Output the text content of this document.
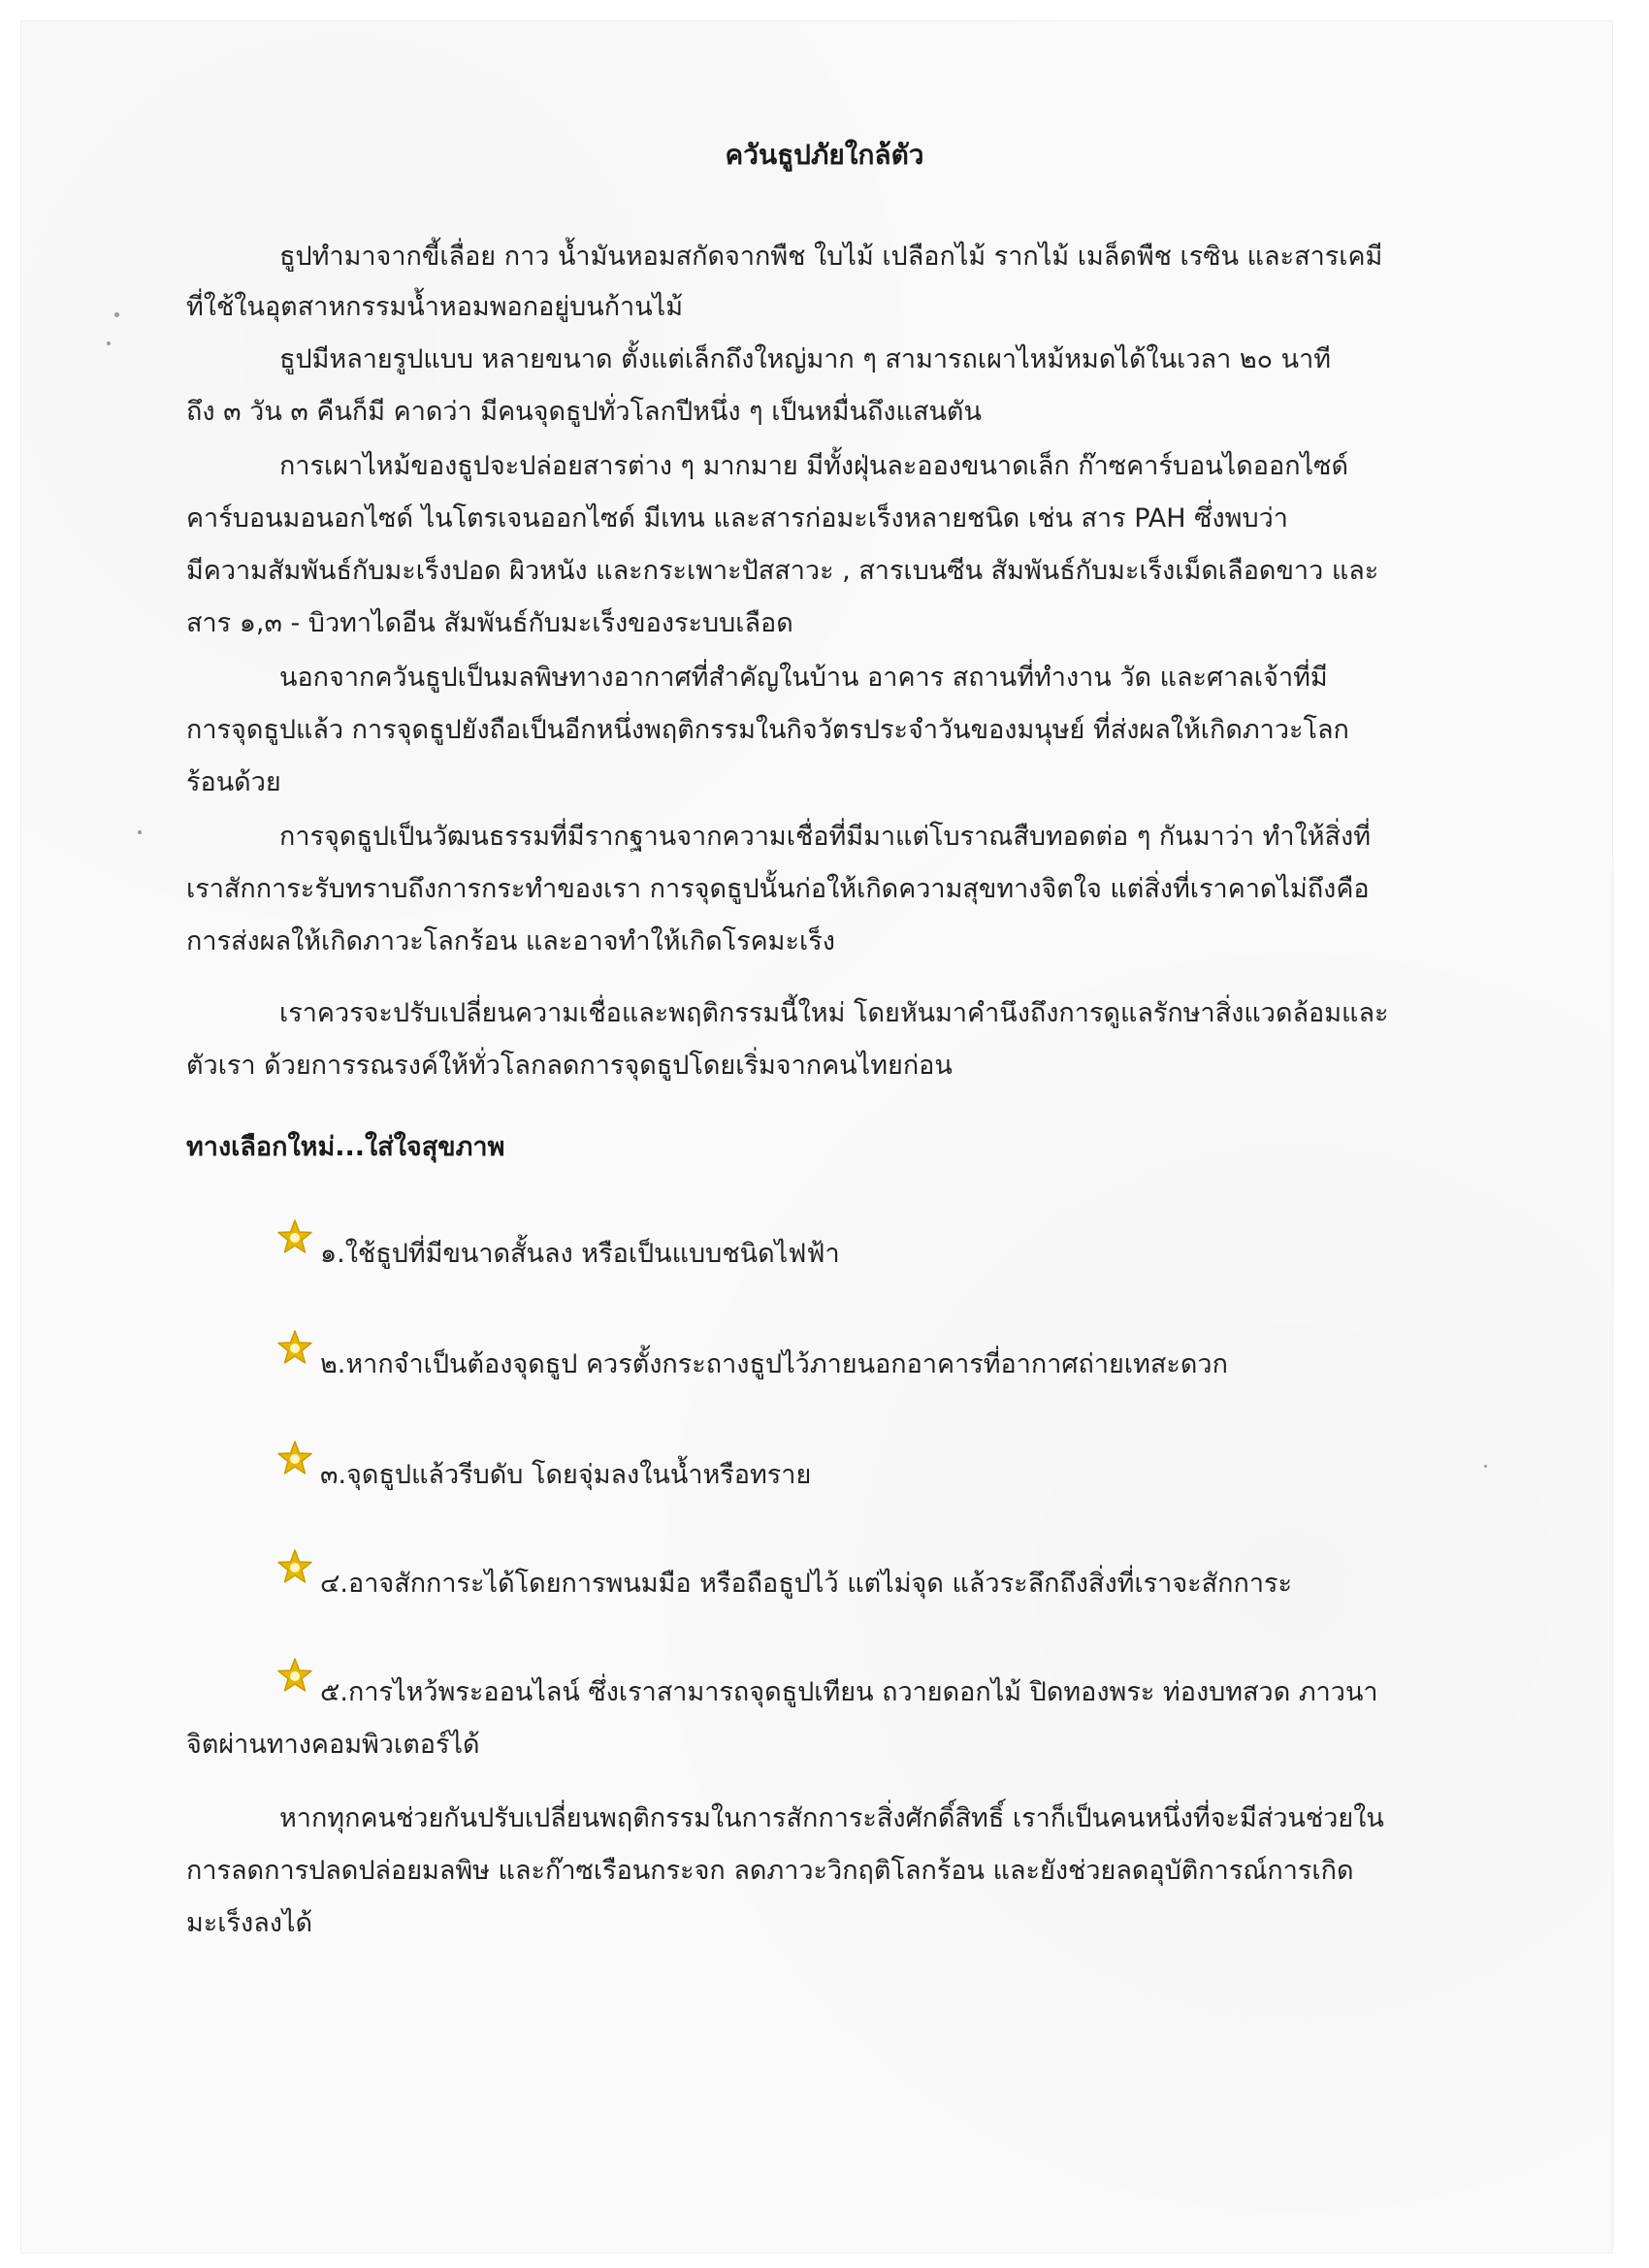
ควันธูปภัยใกล้ตัว

ธูปทำมาจากขี้เลื่อย กาว น้ำมันหอมสกัดจากพืช ใบไม้ เปลือกไม้ รากไม้ เมล็ดพืช เรซิน และสารเคมี

ที่ใช้ในอุตสาหกรรมน้ำหอมพอกอยู่บนก้านไม้

ธูปมีหลายรูปแบบ หลายขนาด ตั้งแต่เล็กถึงใหญ่มาก ๆ สามารถเผาไหม้หมดได้ในเวลา ๒๐ นาที

ถึง ๓ วัน ๓ คืนก็มี คาดว่า มีคนจุดธูปทั่วโลกปีหนึ่ง ๆ เป็นหมื่นถึงแสนตัน

การเผาไหม้ของธูปจะปล่อยสารต่าง ๆ มากมาย มีทั้งฝุ่นละอองขนาดเล็ก ก๊าซคาร์บอนไดออกไซด์

คาร์บอนมอนอกไซด์ ไนโตรเจนออกไซด์ มีเทน และสารก่อมะเร็งหลายชนิด เช่น สาร PAH ซึ่งพบว่า

มีความสัมพันธ์กับมะเร็งปอด ผิวหนัง และกระเพาะปัสสาวะ , สารเบนซีน สัมพันธ์กับมะเร็งเม็ดเลือดขาว และ

สาร ๑,๓ - บิวทาไดอีน สัมพันธ์กับมะเร็งของระบบเลือด

นอกจากควันธูปเป็นมลพิษทางอากาศที่สำคัญในบ้าน อาคาร สถานที่ทำงาน วัด และศาลเจ้าที่มี

การจุดธูปแล้ว การจุดธูปยังถือเป็นอีกหนึ่งพฤติกรรมในกิจวัตรประจำวันของมนุษย์ ที่ส่งผลให้เกิดภาวะโลก

ร้อนด้วย

การจุดธูปเป็นวัฒนธรรมที่มีรากฐานจากความเชื่อที่มีมาแต่โบราณสืบทอดต่อ ๆ กันมาว่า ทำให้สิ่งที่

เราสักการะรับทราบถึงการกระทำของเรา การจุดธูปนั้นก่อให้เกิดความสุขทางจิตใจ แต่สิ่งที่เราคาดไม่ถึงคือ

การส่งผลให้เกิดภาวะโลกร้อน และอาจทำให้เกิดโรคมะเร็ง

เราควรจะปรับเปลี่ยนความเชื่อและพฤติกรรมนี้ใหม่ โดยหันมาคำนึงถึงการดูแลรักษาสิ่งแวดล้อมและ

ตัวเรา ด้วยการรณรงค์ให้ทั่วโลกลดการจุดธูปโดยเริ่มจากคนไทยก่อน

ทางเลือกใหม่...ใส่ใจสุขภาพ

๑.ใช้ธูปที่มีขนาดสั้นลง หรือเป็นแบบชนิดไฟฟ้า

๒.หากจำเป็นต้องจุดธูป ควรตั้งกระถางธูปไว้ภายนอกอาคารที่อากาศถ่ายเทสะดวก

๓.จุดธูปแล้วรีบดับ โดยจุ่มลงในน้ำหรือทราย

๔.อาจสักการะได้โดยการพนมมือ หรือถือธูปไว้ แต่ไม่จุด แล้วระลึกถึงสิ่งที่เราจะสักการะ

๕.การไหว้พระออนไลน์ ซึ่งเราสามารถจุดธูปเทียน ถวายดอกไม้ ปิดทองพระ ท่องบทสวด ภาวนา

จิตผ่านทางคอมพิวเตอร์ได้

หากทุกคนช่วยกันปรับเปลี่ยนพฤติกรรมในการสักการะสิ่งศักดิ์สิทธิ์ เราก็เป็นคนหนึ่งที่จะมีส่วนช่วยใน

การลดการปลดปล่อยมลพิษ และก๊าซเรือนกระจก ลดภาวะวิกฤติโลกร้อน และยังช่วยลดอุบัติการณ์การเกิด

มะเร็งลงได้
